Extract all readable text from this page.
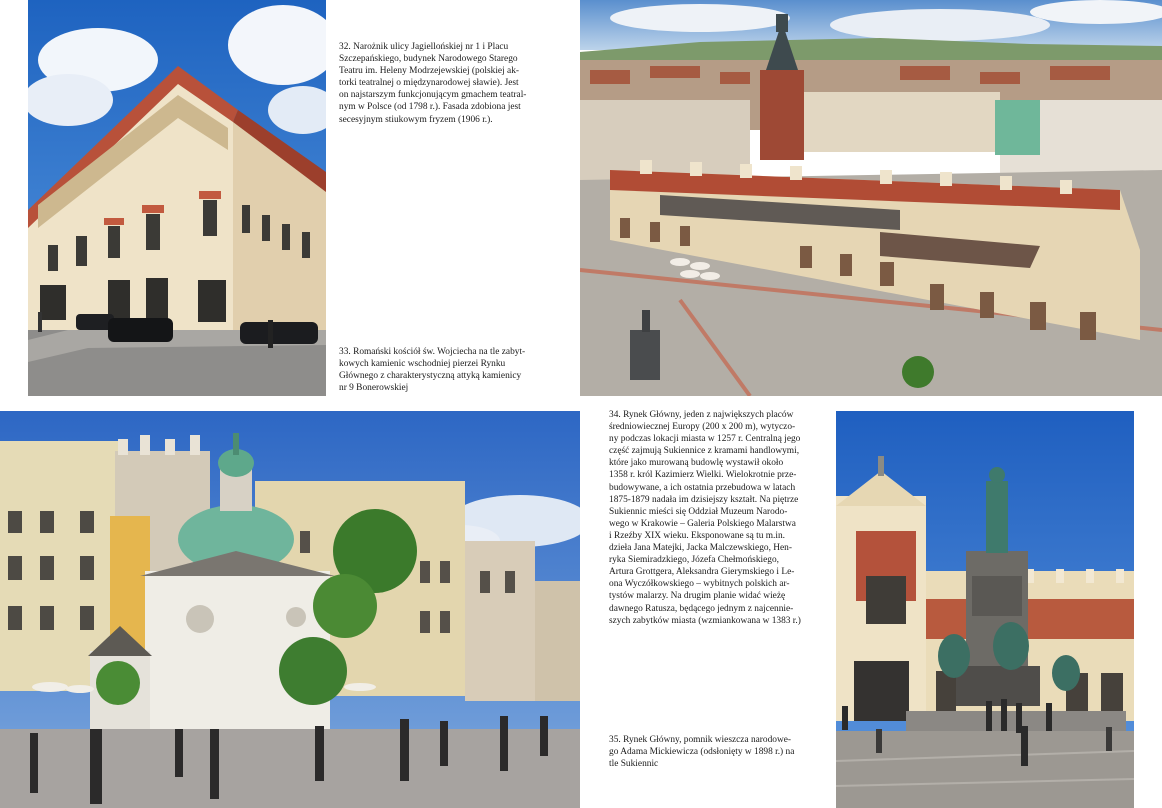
32. Narożnik ulicy Jagiellońskiej nr 1 i Placu
Szczepańskiego, budynek Narodowego Starego
Teatru im. Heleny Modrzejewskiej (polskiej ak-
torki teatralnej o międzynarodowej sławie). Jest
on najstarszym funkcjonującym gmachem teatral-
nym w Polsce (od 1798 r.). Fasada zdobiona jest
secesyjnym stiukowym fryzem (1906 r.).

33. Romański kościół św. Wojciecha na tle zabyt-
kowych kamienic wschodniej pierzei Rynku
Głównego z charakterystyczną attyką kamienicy
nr 9 Bonerowskiej

34. Rynek Główny, jeden z największych placów
średniowiecznej Europy (200 x 200 m), wytyczo-
ny podczas lokacji miasta w 1257 r. Centralną jego
część zajmują Sukiennice z kramami handlowymi,
które jako murowaną budowlę wystawił około
1358 r. król Kazimierz Wielki. Wielokrotnie prze-
budowywane, a ich ostatnia przebudowa w latach
1875-1879 nadała im dzisiejszy kształt. Na piętrze
Sukiennic mieści się Oddział Muzeum Narodo-
wego w Krakowie – Galeria Polskiego Malarstwa
i Rzeźby XIX wieku. Eksponowane są tu m.in.
dzieła Jana Matejki, Jacka Malczewskiego, Hen-
ryka Siemiradzkiego, Józefa Chełmońskiego,
Artura Grottgera, Aleksandra Gierymskiego i Le-
ona Wyczółkowskiego – wybitnych polskich ar-
tystów malarzy. Na drugim planie widać wieżę
dawnego Ratusza, będącego jednym z najcennie-
szych zabytków miasta (wzmiankowana w 1383 r.)

35. Rynek Główny, pomnik wieszcza narodowe-
go Adama Mickiewicza (odsłonięty w 1898 r.) na
tle Sukiennic
